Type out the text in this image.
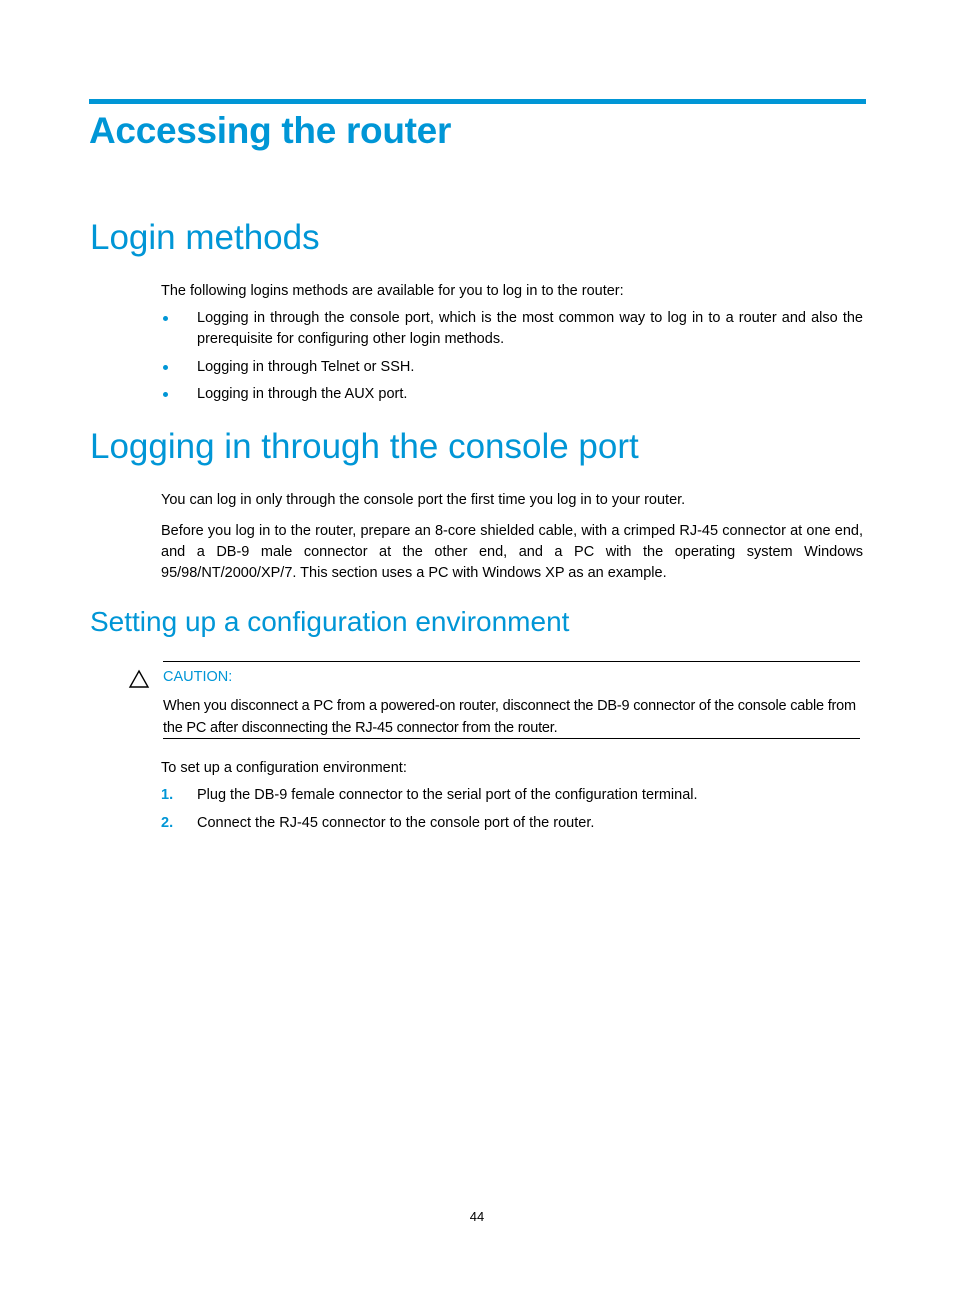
Accessing the router
Login methods

The following logins methods are available for you to log in to the router:

Logging in through the console port, which is the most common way to log in to a router and also the prerequisite for configuring other login methods.

Logging in through Telnet or SSH.

Logging in through the AUX port.

Logging in through the console port

You can log in only through the console port the first time you log in to your router.

Before you log in to the router, prepare an 8-core shielded cable, with a crimped RJ-45 connector at one end, and a DB-9 male connector at the other end, and a PC with the operating system Windows 95/98/NT/2000/XP/7. This section uses a PC with Windows XP as an example.

Setting up a configuration environment

CAUTION:

When you disconnect a PC from a powered-on router, disconnect the DB-9 connector of the console cable from the PC after disconnecting the RJ-45 connector from the router.

To set up a configuration environment:

1. Plug the DB-9 female connector to the serial port of the configuration terminal.

2. Connect the RJ-45 connector to the console port of the router.

44
